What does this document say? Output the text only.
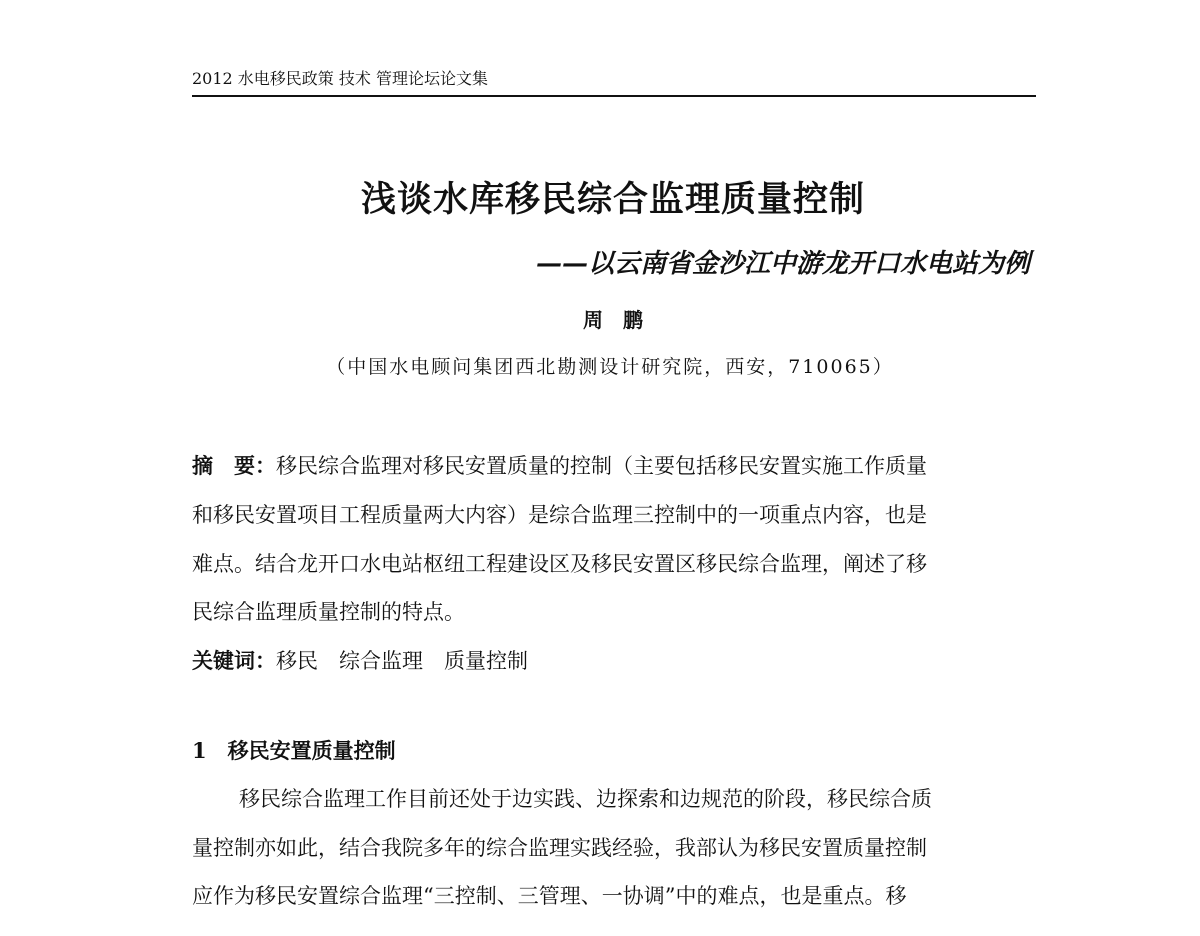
2012 水电移民政策 技术 管理论坛论文集
浅谈水库移民综合监理质量控制
——以云南省金沙江中游龙开口水电站为例
周　鹏
（中国水电顾问集团西北勘测设计研究院，西安，710065）
摘　要：移民综合监理对移民安置质量的控制（主要包括移民安置实施工作质量
和移民安置项目工程质量两大内容）是综合监理三控制中的一项重点内容，也是
难点。结合龙开口水电站枢纽工程建设区及移民安置区移民综合监理，阐述了移
民综合监理质量控制的特点。
关键词：移民　综合监理　质量控制
1　移民安置质量控制
移民综合监理工作目前还处于边实践、边探索和边规范的阶段，移民综合质
量控制亦如此，结合我院多年的综合监理实践经验，我部认为移民安置质量控制
应作为移民安置综合监理“三控制、三管理、一协调”中的难点，也是重点。移
